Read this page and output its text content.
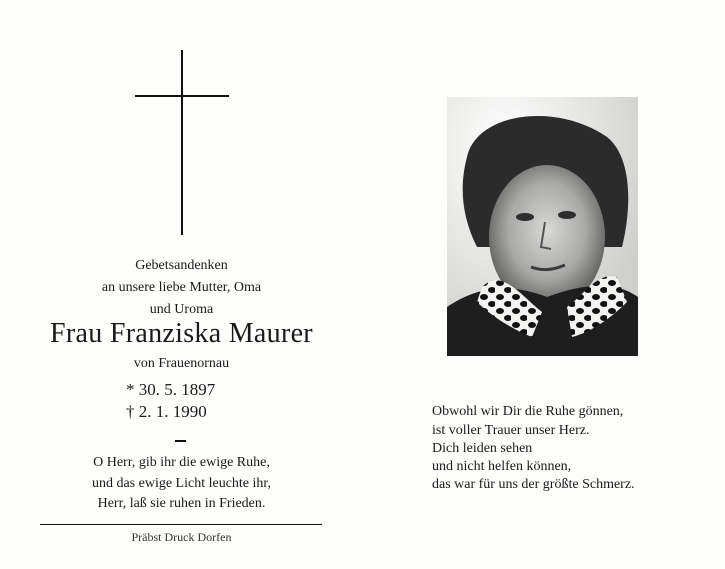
Gebetsandenken
an unsere liebe Mutter, Oma
und Uroma
Frau Franziska Maurer
von Frauenornau
* 30. 5. 1897
† 2. 1. 1990
O Herr, gib ihr die ewige Ruhe,
und das ewige Licht leuchte ihr,
Herr, laß sie ruhen in Frieden.
Präbst Druck Dorfen
Obwohl wir Dir die Ruhe gönnen,
ist voller Trauer unser Herz.
Dich leiden sehen
und nicht helfen können,
das war für uns der größte Schmerz.
